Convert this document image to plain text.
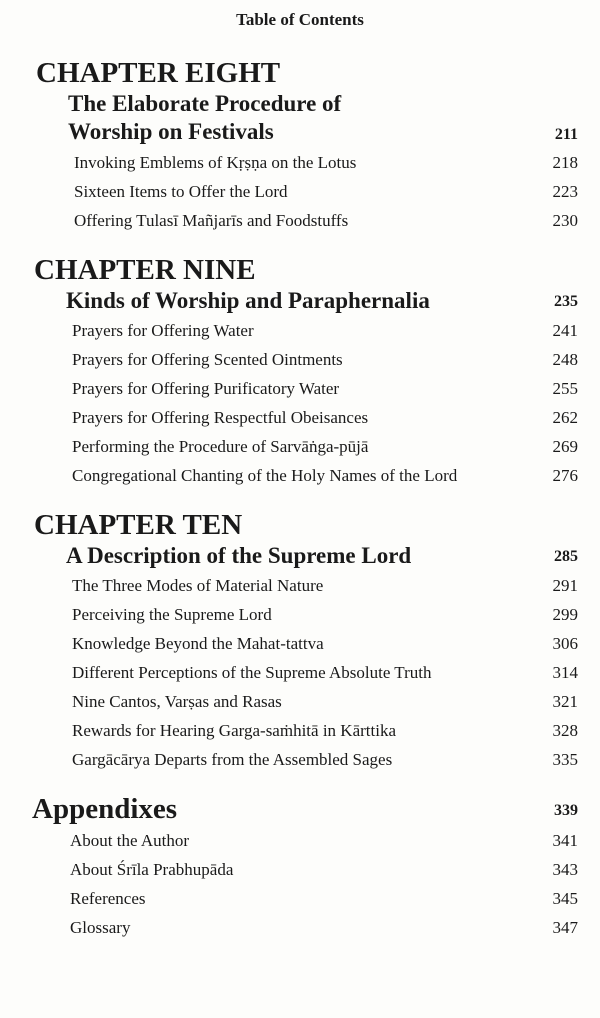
Table of Contents
CHAPTER EIGHT
The Elaborate Procedure of
Worship on Festivals	211
Invoking Emblems of Kṛṣṇa on the Lotus	218
Sixteen Items to Offer the Lord	223
Offering Tulasī Mañjarīs and Foodstuffs	230
CHAPTER NINE
Kinds of Worship and Paraphernalia	235
Prayers for Offering Water	241
Prayers for Offering Scented Ointments	248
Prayers for Offering Purificatory Water	255
Prayers for Offering Respectful Obeisances	262
Performing the Procedure of Sarvāṅga-pūjā	269
Congregational Chanting of the Holy Names of the Lord	276
CHAPTER TEN
A Description of the Supreme Lord	285
The Three Modes of Material Nature	291
Perceiving the Supreme Lord	299
Knowledge Beyond the Mahat-tattva	306
Different Perceptions of the Supreme Absolute Truth	314
Nine Cantos, Varṣas and Rasas	321
Rewards for Hearing Garga-saṁhitā in Kārttika	328
Gargācārya Departs from the Assembled Sages	335
Appendixes	339
About the Author	341
About Śrīla Prabhupāda	343
References	345
Glossary	347
